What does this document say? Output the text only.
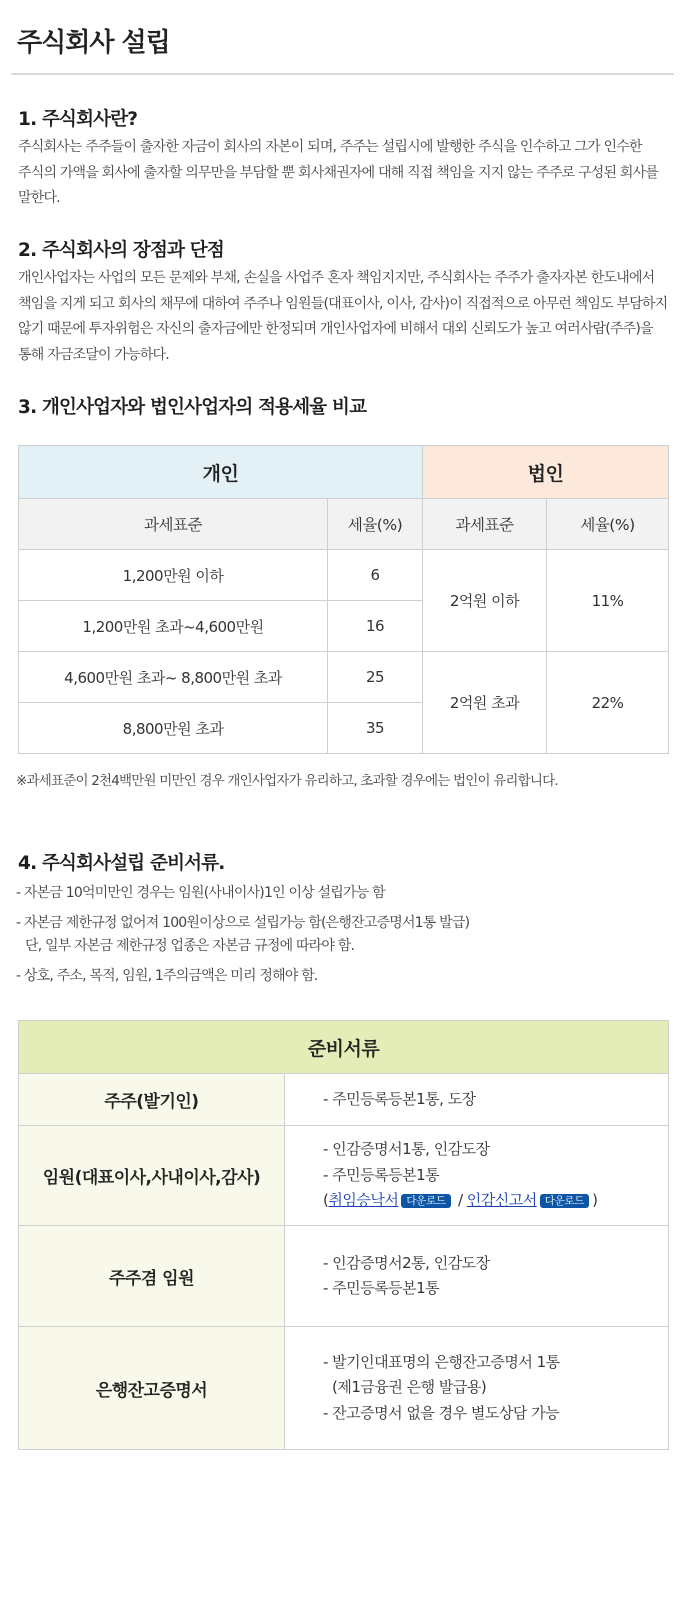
주식회사 설립
1. 주식회사란?
주식회사는 주주들이 출자한 자금이 회사의 자본이 되며, 주주는 설립시에 발행한 주식을 인수하고 그가 인수한
주식의 가액을 회사에 출자할 의무만을 부담할 뿐 회사채권자에 대해 직접 책임을 지지 않는 주주로 구성된 회사를
말한다.
2. 주식회사의 장점과 단점
개인사업자는 사업의 모든 문제와 부채, 손실을 사업주 혼자 책임지지만, 주식회사는 주주가 출자자본 한도내에서
책임을 지게 되고 회사의 채무에 대하여 주주나 임원들(대표이사, 이사, 감사)이 직접적으로 아무런 책임도 부담하지
않기 때문에 투자위험은 자신의 출자금에만 한정되며 개인사업자에 비해서 대외 신뢰도가 높고 여러사람(주주)을
통해 자금조달이 가능하다.
3. 개인사업자와 법인사업자의 적용세율 비교
개인		법인	
과세표준	세율(%)	과세표준	세율(%)
1,200만원 이하	6	2억원 이하	11%
1,200만원 초과~4,600만원	16		
4,600만원 초과~ 8,800만원 초과	25	2억원 초과	22%
8,800만원 초과	35		
※과세표준이 2천4백만원 미만인 경우 개인사업자가 유리하고, 초과할 경우에는 법인이 유리합니다.
4. 주식회사설립 준비서류.
- 자본금 10억미만인 경우는 임원(사내이사)1인 이상 설립가능 함
- 자본금 제한규정 없어져 100원이상으로 설립가능 함(은행잔고증명서1통 발급)
단, 일부 자본금 제한규정 업종은 자본금 규정에 따라야 함.
- 상호, 주소, 목적, 임원, 1주의금액은 미리 정해야 함.
준비서류	
주주(발기인)	- 주민등록등본1통, 도장

임원(대표이사,사내이사,감사)	- 인감증명서1통, 인감도장
- 주민등록등본1통
(취임승낙서 다운로드 / 인감신고서 다운로드 )

주주겸 임원	- 인감증명서2통, 인감도장
- 주민등록등본1통

은행잔고증명서	- 발기인대표명의 은행잔고증명서 1통
(제1금융권 은행 발급용)
- 잔고증명서 없을 경우 별도상담 가능
